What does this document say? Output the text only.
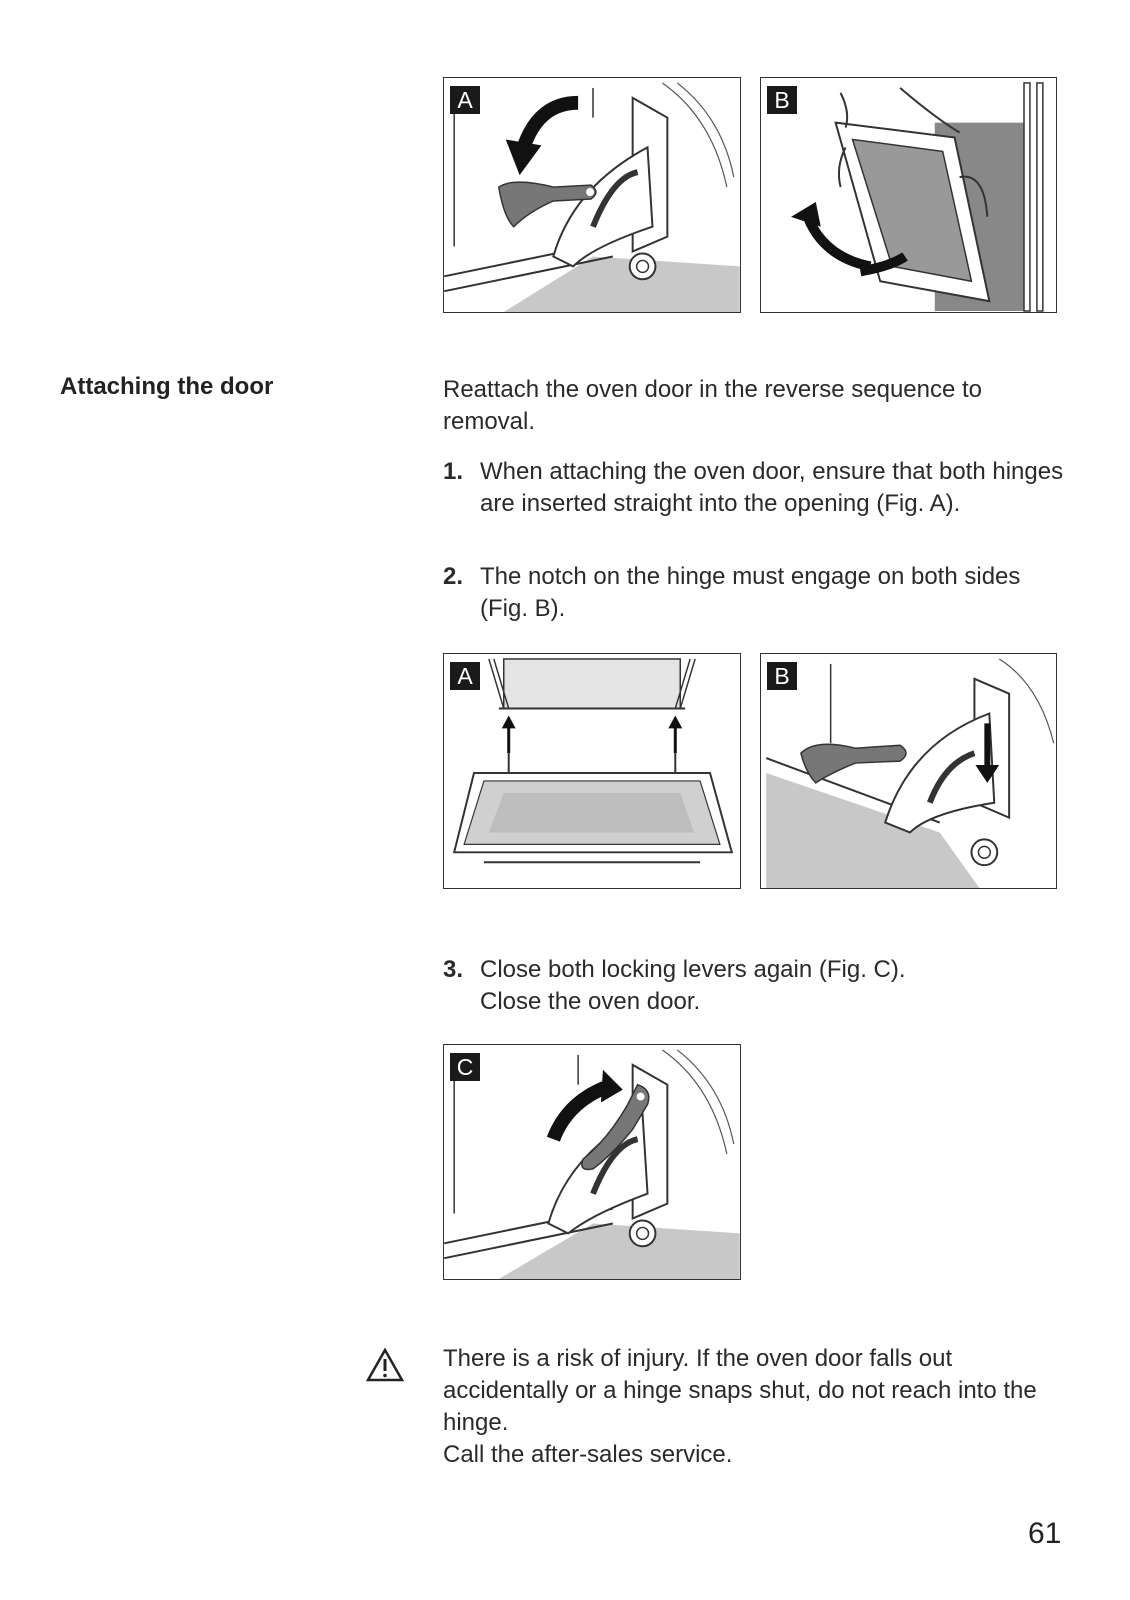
A	B
Attaching the door	Reattach the oven door in the reverse sequence to removal.

1. When attaching the oven door, ensure that both hinges are inserted straight into the opening (Fig. A).
2. The notch on the hinge must engage on both sides (Fig. B).
A	B
3. Close both locking levers again (Fig. C). Close the oven door.
C

There is a risk of injury. If the oven door falls out accidentally or a hinge snaps shut, do not reach into the hinge.

Call the after-sales service.

61
